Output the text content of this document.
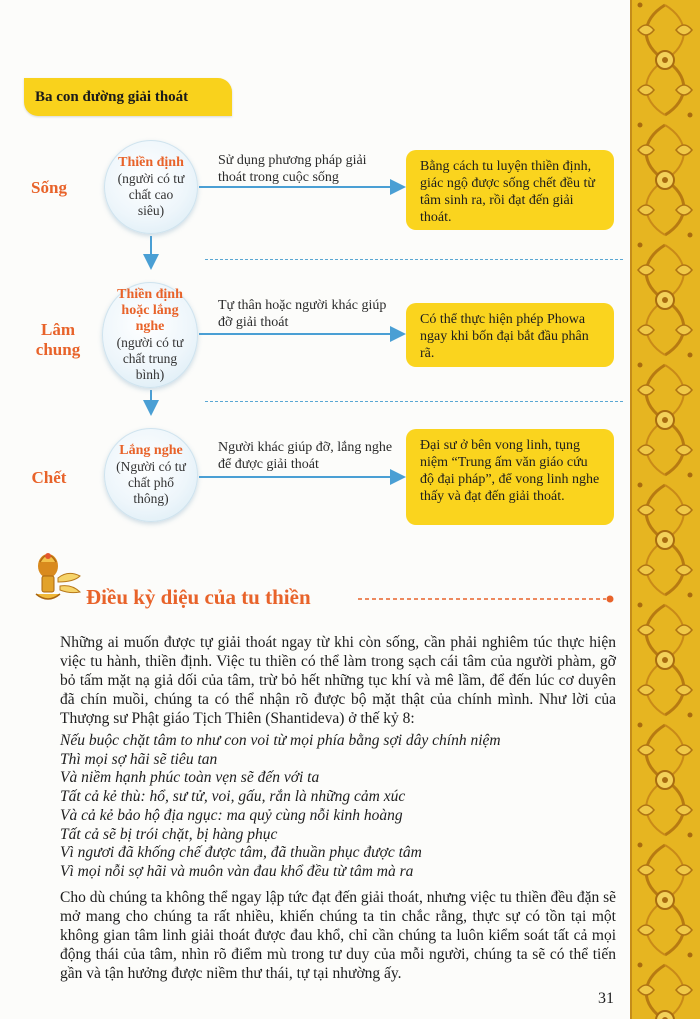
Ba con đường giải thoát
Sống
Thiền định
(người có tư chất cao siêu)
Sử dụng phương pháp giải thoát trong cuộc sống
Bằng cách tu luyện thiền định, giác ngộ được sống chết đều từ tâm sinh ra, rồi đạt đến giải thoát.
Lâm chung
Thiền định hoặc lắng nghe
(người có tư chất trung bình)
Tự thân hoặc người khác giúp đỡ giải thoát	Có thể thực hiện phép Phowa ngay khi bốn đại bắt đầu phân rã.
Chết
Lắng nghe
(Người có tư chất phổ thông)
Người khác giúp đỡ, lắng nghe để được giải thoát
Đại sư ở bên vong linh, tụng niệm “Trung ấm văn giáo cứu độ đại pháp”, để vong linh nghe thấy và đạt đến giải thoát.
Điều kỳ diệu của tu thiền
Những ai muốn được tự giải thoát ngay từ khi còn sống, cần phải nghiêm túc thực hiện việc tu hành, thiền định. Việc tu thiền có thể làm trong sạch cái tâm của người phàm, gỡ bỏ tấm mặt nạ giả dối của tâm, trừ bỏ hết những tục khí và mê lầm, để đến lúc cơ duyên đã chín muồi, chúng ta có thể nhận rõ được bộ mặt thật của chính mình. Như lời của Thượng sư Phật giáo Tịch Thiên (Shantideva) ở thế kỷ 8:
Nếu buộc chặt tâm to như con voi từ mọi phía bằng sợi dây chính niệm
Thì mọi sợ hãi sẽ tiêu tan
Và niềm hạnh phúc toàn vẹn sẽ đến với ta
Tất cả kẻ thù: hổ, sư tử, voi, gấu, rắn là những cảm xúc
Và cả kẻ bảo hộ địa ngục: ma quỷ cùng nỗi kinh hoàng
Tất cả sẽ bị trói chặt, bị hàng phục
Vì ngươi đã khống chế được tâm, đã thuần phục được tâm
Vì mọi nỗi sợ hãi và muôn vàn đau khổ đều từ tâm mà ra
Cho dù chúng ta không thể ngay lập tức đạt đến giải thoát, nhưng việc tu thiền đều đặn sẽ mở mang cho chúng ta rất nhiều, khiến chúng ta tin chắc rằng, thực sự có tồn tại một không gian tâm linh giải thoát được đau khổ, chỉ cần chúng ta luôn kiểm soát tất cả mọi động thái của tâm, nhìn rõ điểm mù trong tư duy của mỗi người, chúng ta sẽ có thể tiến gần và tận hưởng được niềm thư thái, tự tại nhường ấy.
31
